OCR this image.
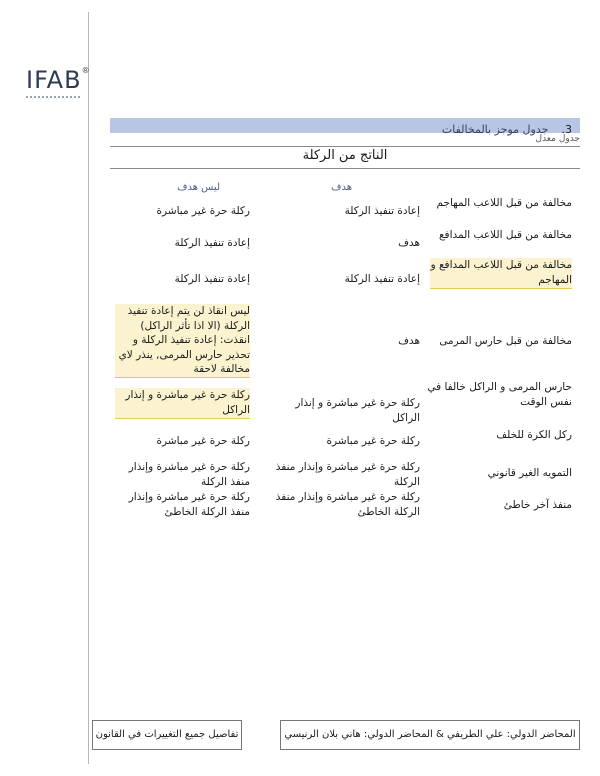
IFAB®
3. جدول موجز بالمخالفات
جدول معدل
الناتج من الركلة
هدف
ليس هدف
مخالفة من قبل اللاعب المهاجم
إعادة تنفيذ الركلة
ركلة حرة غير مباشرة
مخالفة من قبل اللاعب المدافع
هدف
إعادة تنفيذ الركلة
مخالفة من قبل اللاعب المدافع و المهاجم
إعادة تنفيذ الركلة
إعادة تنفيذ الركلة
مخالفة من قبل حارس المرمى
هدف
ليس انقاذ لن يتم إعادة تنفيذ الركلة (الا اذا تأثر الراكل) انقذت: إعادة تنفيذ الركلة و تحذير حارس المرمى, ينذر لاي مخالفة لاحقة
حارس المرمى و الراكل خالفا في نفس الوقت
ركلة حرة غير مباشرة و إنذار الراكل
ركلة حرة غير مباشرة و إنذار الراكل
ركل الكرة للخلف
ركلة حرة غير مباشرة
ركلة حرة غير مباشرة
التمويه الغير قانوني
ركلة حرة غير مباشرة وإنذار منفذ الركلة
ركلة حرة غير مباشرة وإنذار منفذ الركلة
منفذ آخر خاطئ
ركلة حرة غير مباشرة وإنذار منفذ الركلة الخاطئ
ركلة حرة غير مباشرة وإنذار منفذ الركلة الخاطئ
المحاضر الدولي: علي الطريفي & المحاضر الدولي: هاني بلان الرنيسي
تفاصيل جميع التغييرات في القانون
